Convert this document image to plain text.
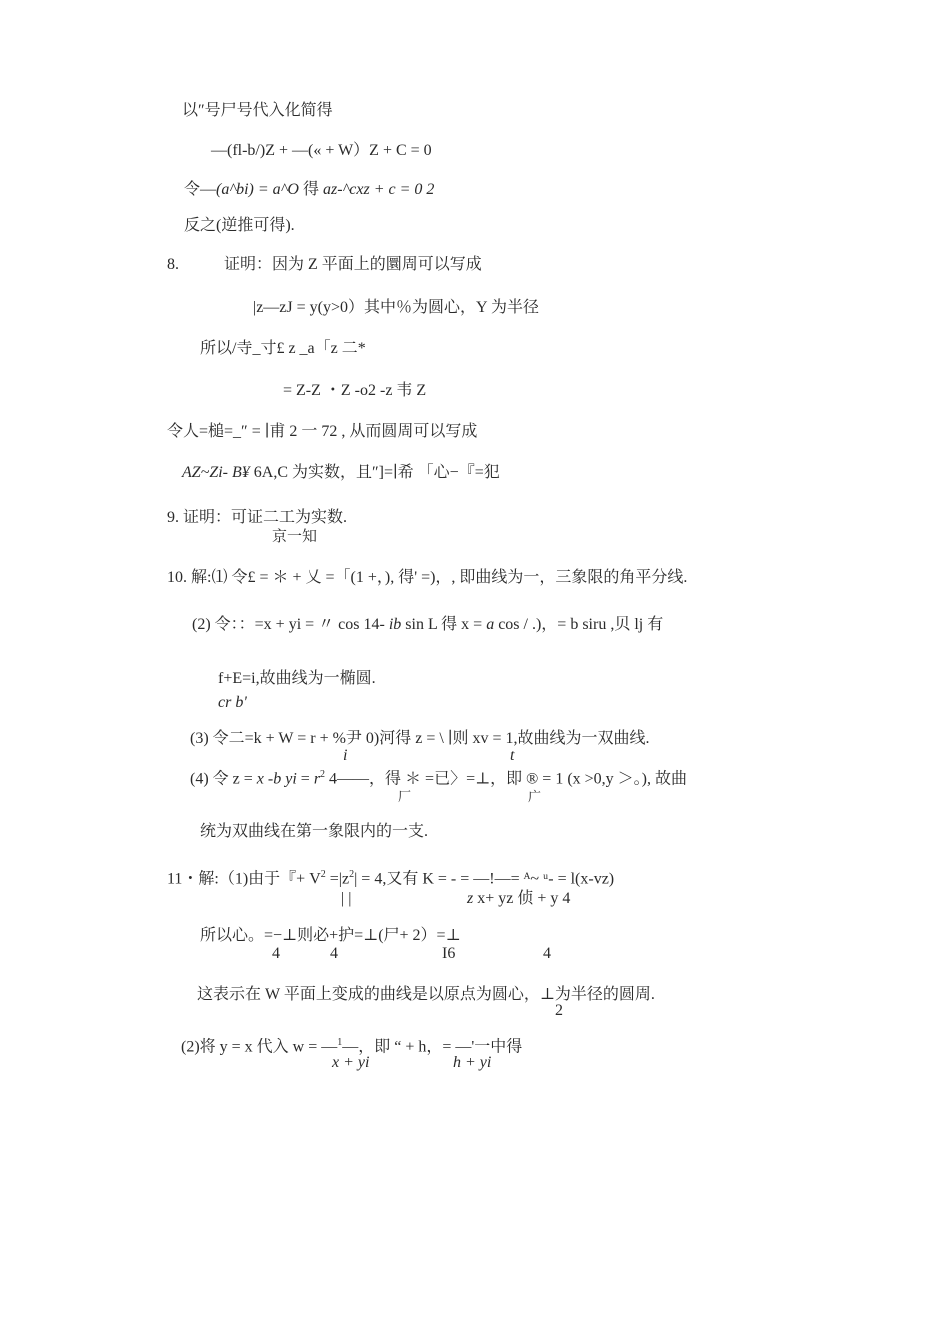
以″号尸号代入化简得
—(fl-b/)Z + —(« + W）Z + C = 0
令—(a^bi) = a^O 得 az-^cxz + c = 0 2
反之(逆推可得).
8.	证明：因为 Z 平面上的圜周可以写成
|z—zJ = y(y>0）其中％为圆心，Y 为半径
所以/寺_寸£ z _a「z 二*
= Z-Z ・Z -o2 -z 韦 Z
令人=槌=_″ = ∣甫 2 一 72 , 从而圆周可以写成
AZ~Zi- B¥ 6A,C 为实数，且″]=∣希 「心−『=犯
9. 证明：可证二工为实数.
京一知
10. 解:⑴ 令£ = ＊ + 乂 =「(1 +，), 得' =)，, 即曲线为一，三象限的角平分线.
(2) 令：：=x + yi = 〃 cos 14- ib sin L 得 x = a cos / .)，= b siru ,贝 lj 有
f+E=i,故曲线为一椭圆.
cr b'
(3) 令二=k + W = r + %尹 0)河得 z = \ ∣则 xv = 1,故曲线为一双曲线.
i	t
(4) 令 z = x -b yi = $r^2$ 4——，得 ＊ =已〉=⊥，即 ® = 1 (x >0,y ＞。), 故曲
厂	广
统为双曲线在第一象限内的一支.
11・解:（1)由于『+ $V^2 =|z^2| = 4$,又有 K = - = —!—= ᴬ~ ᵘ- = l(x-vz)
| |	z x+ yz 侦 + y 4
所以心。=−⊥则必+护=⊥(尸+ 2）=⊥
4	4	I6	4
这表示在 W 平面上变成的曲线是以原点为圆心，⊥为半径的圆周.
2
(2)将 y = x 代入 w = —$^1$—，即 “ + h，= —'一中得
x + yi	h + yi
